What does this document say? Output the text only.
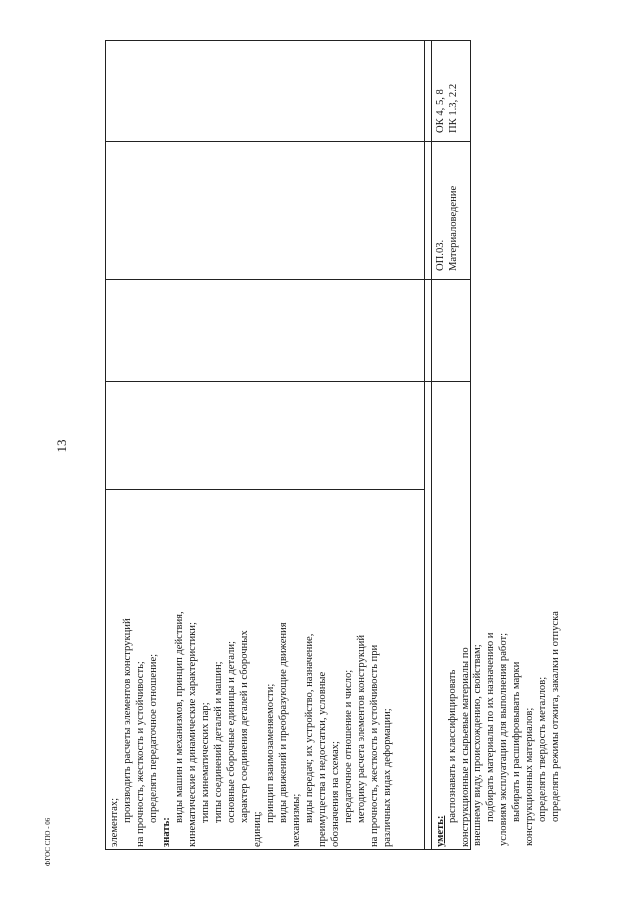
13
ФГОС СПО - 06	элементах; производить расчеты элементов конструкций на прочность, жесткость и устойчивость; определять передаточное отношение;
знать:
виды машин и механизмов, принцип действия, кинематические и динамические характеристики; типы кинематических пар; типы соединений деталей и машин; основные сборочные единицы и детали; характер соединения деталей и сборочных
единиц;
принцип взаимозаменяемости; виды движений и преобразующие движения механизмы; виды передач; их устройство, назначение, преимущества и недостатки, условные обозначения на схемах; передаточное отношение и число; методику расчета элементов конструкций на прочность, жесткость и устойчивость при различных видах деформации;	уметь:
распознавать и классифицировать конструкционные и сырьевые материалы по
ОП.03. Материаловедение
ОК 4, 5, 8 ПК 1.3, 2.2
внешнему виду, происхождению, свойствам; подбирать материалы по их назначению и условиям эксплуатации для выполнения работ; выбирать и расшифровывать марки конструкционных материалов; определять твердость металлов; определять режимы отжига, закалки и отпуска
